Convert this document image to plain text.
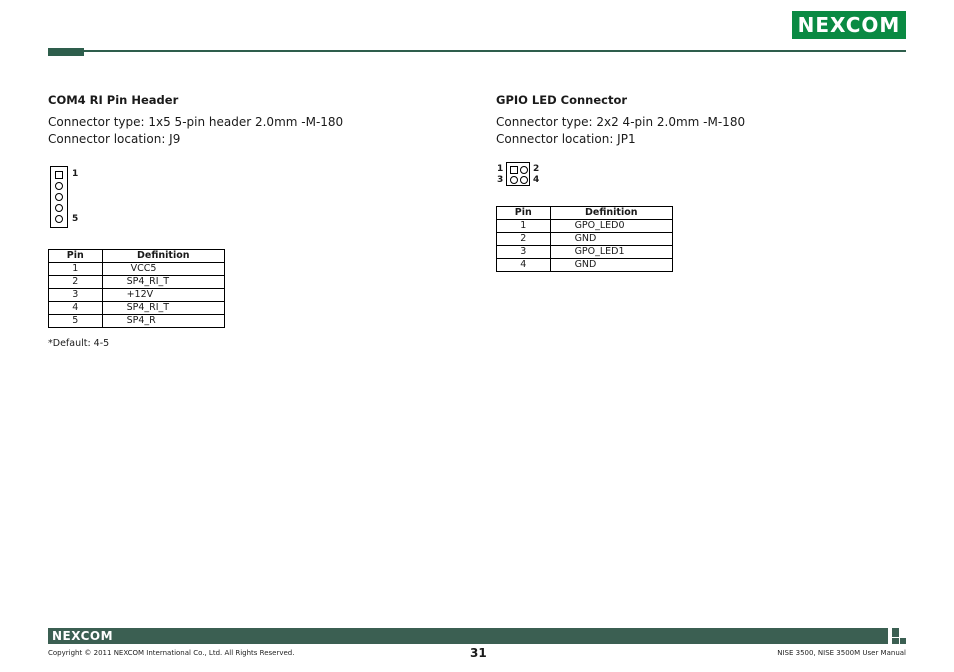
NEXCOM
COM4 RI Pin Header
Connector type: 1x5 5-pin header 2.0mm -M-180
Connector location: J9
1
5
Pin	Definition
1	VCC5
2	SP4_RI_T
3	+12V
4	SP4_RI_T
5	SP4_R
*Default: 4-5
GPIO LED Connector
Connector type: 2x2 4-pin 2.0mm -M-180
Connector location: JP1
1	2
3	4
Pin	Definition
1	GPO_LED0
2	GND
3	GPO_LED1
4	GND
NEXCOM
Copyright © 2011 NEXCOM International Co., Ltd. All Rights Reserved.	31	NISE 3500, NISE 3500M User Manual
